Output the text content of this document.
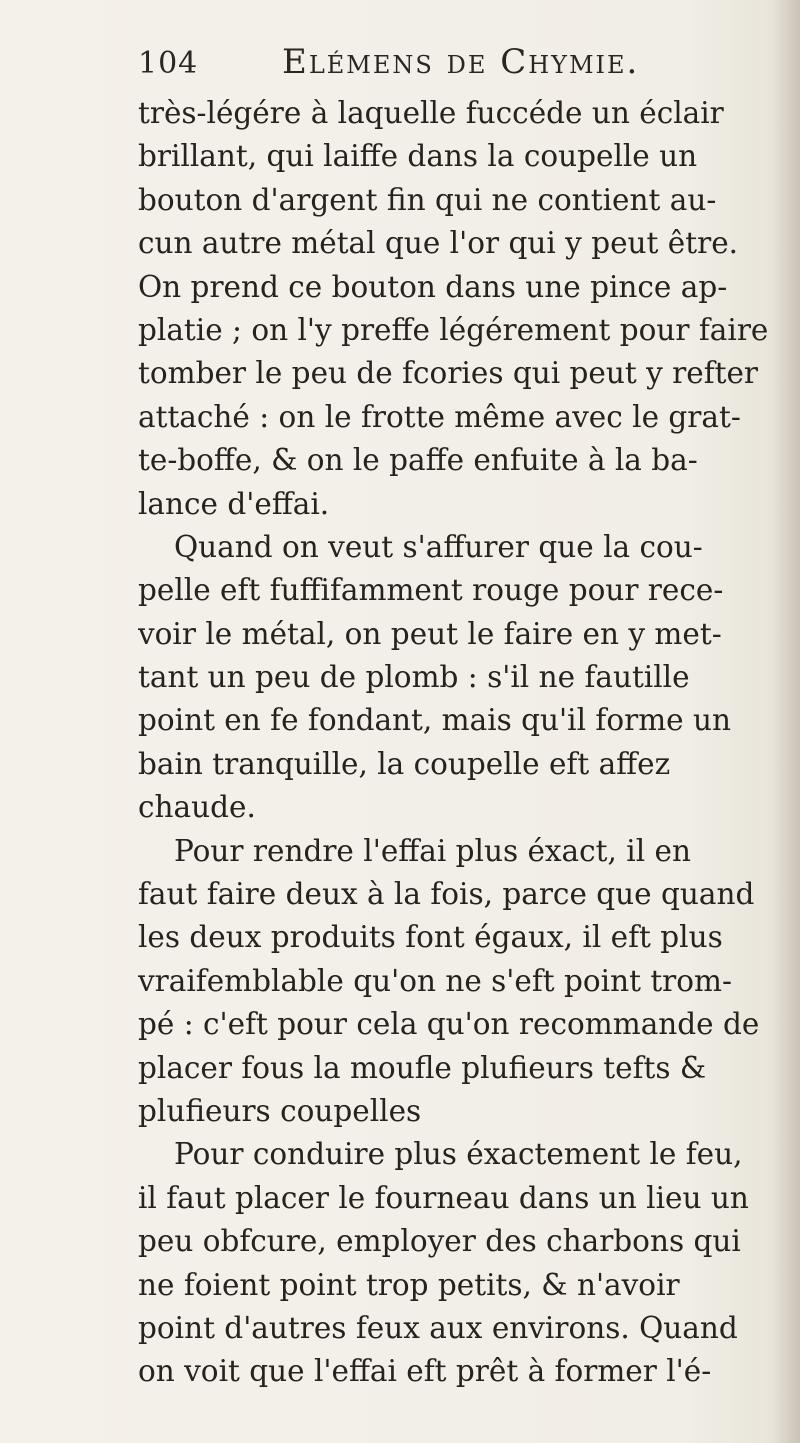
104 Elémens de Chymie.
très-légére à laquelle fuccéde un éclair
brillant, qui laiffe dans la coupelle un
bouton d'argent fin qui ne contient au-
cun autre métal que l'or qui y peut être.
On prend ce bouton dans une pince ap-
platie ; on l'y preffe légérement pour faire
tomber le peu de fcories qui peut y refter
attaché : on le frotte même avec le grat-
te-boffe, & on le paffe enfuite à la ba-
lance d'effai.
Quand on veut s'affurer que la cou-
pelle eft fuffifamment rouge pour rece-
voir le métal, on peut le faire en y met-
tant un peu de plomb : s'il ne fautille
point en fe fondant, mais qu'il forme un
bain tranquille, la coupelle eft affez
chaude.
Pour rendre l'effai plus éxact, il en
faut faire deux à la fois, parce que quand
les deux produits font égaux, il eft plus
vraifemblable qu'on ne s'eft point trom-
pé : c'eft pour cela qu'on recommande de
placer fous la moufle plufieurs tefts &
plufieurs coupelles
Pour conduire plus éxactement le feu,
il faut placer le fourneau dans un lieu un
peu obfcure, employer des charbons qui
ne foient point trop petits, & n'avoir
point d'autres feux aux environs. Quand
on voit que l'effai eft prêt à former l'é-
